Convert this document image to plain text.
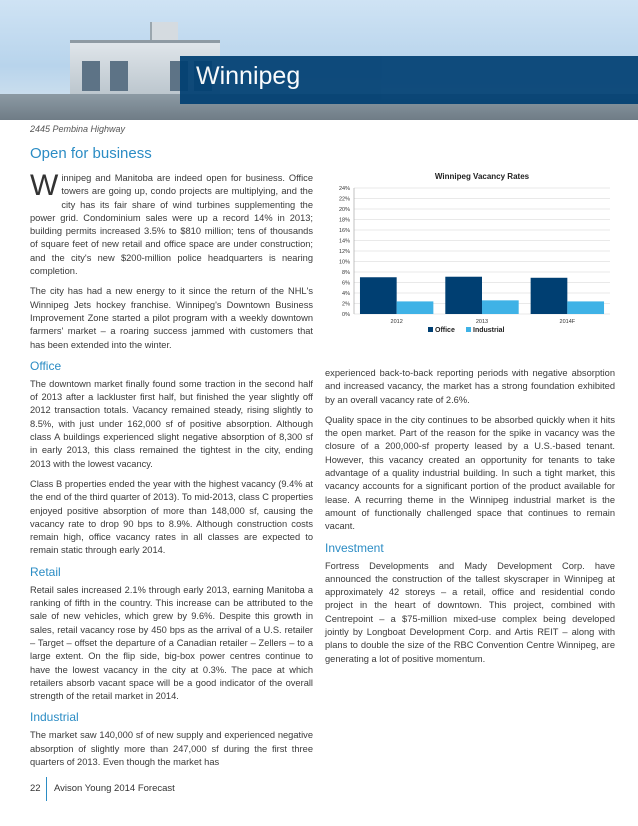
Winnipeg
2445 Pembina Highway
Open for business

Winnipeg and Manitoba are indeed open for business. Office towers are going up, condo projects are multiplying, and the city has its fair share of wind turbines supplementing the power grid. Condominium sales were up a record 14% in 2013; building permits increased 3.5% to $810 million; tens of thousands of square feet of new retail and office space are under construction; and the city's new $200-million police headquarters is nearing completion.

The city has had a new energy to it since the return of the NHL's Winnipeg Jets hockey franchise. Winnipeg's Downtown Business Improvement Zone started a pilot program with a weekly downtown farmers' market – a roaring success jammed with customers that has been extended into the winter.

Office

The downtown market finally found some traction in the second half of 2013 after a lackluster first half, but finished the year slightly off 2012 transaction totals. Vacancy remained steady, rising slightly to 8.5%, with just under 162,000 sf of positive absorption. Although class A buildings experienced slight negative absorption of 8,300 sf in early 2013, this class remained the tightest in the city, ending 2013 with the lowest vacancy.

Class B properties ended the year with the highest vacancy (9.4% at the end of the third quarter of 2013). To mid-2013, class C properties enjoyed positive absorption of more than 148,000 sf, causing the vacancy rate to drop 90 bps to 8.9%. Although construction costs remain high, office vacancy rates in all classes are expected to remain static through early 2014.

Retail

Retail sales increased 2.1% through early 2013, earning Manitoba a ranking of fifth in the country. This increase can be attributed to the sale of new vehicles, which grew by 9.6%. Despite this growth in sales, retail vacancy rose by 450 bps as the arrival of a U.S. retailer – Target – offset the departure of a Canadian retailer – Zellers – to a large extent. On the flip side, big-box power centres continue to have the lowest vacancy in the city at 0.3%. The pace at which retailers absorb vacant space will be a good indicator of the overall strength of the retail market in 2014.

Industrial

The market saw 140,000 sf of new supply and experienced negative absorption of slightly more than 247,000 sf during the first three quarters of 2013. Even though the market has

Winnipeg Vacancy Rates
0%
2%
4%
6%
8%
10%
12%
14%
16%
18%
20%
22%
24%
2012	2013	2014F
Office	Industrial

experienced back-to-back reporting periods with negative absorption and increased vacancy, the market has a strong foundation exhibited by an overall vacancy rate of 2.6%.

Quality space in the city continues to be absorbed quickly when it hits the open market. Part of the reason for the spike in vacancy was the closure of a 200,000-sf property leased by a U.S.-based tenant. However, this vacancy created an opportunity for tenants to take advantage of a quality industrial building. In such a tight market, this vacancy accounts for a significant portion of the product available for lease. A recurring theme in the Winnipeg industrial market is the amount of functionally challenged space that continues to remain vacant.

Investment

Fortress Developments and Mady Development Corp. have announced the construction of the tallest skyscraper in Winnipeg at approximately 42 storeys – a retail, office and residential condo project in the heart of downtown. This project, combined with Centrepoint – a $75-million mixed-use complex being developed jointly by Longboat Development Corp. and Artis REIT – along with plans to double the size of the RBC Convention Centre Winnipeg, are generating a lot of positive momentum.

22	Avison Young 2014 Forecast
